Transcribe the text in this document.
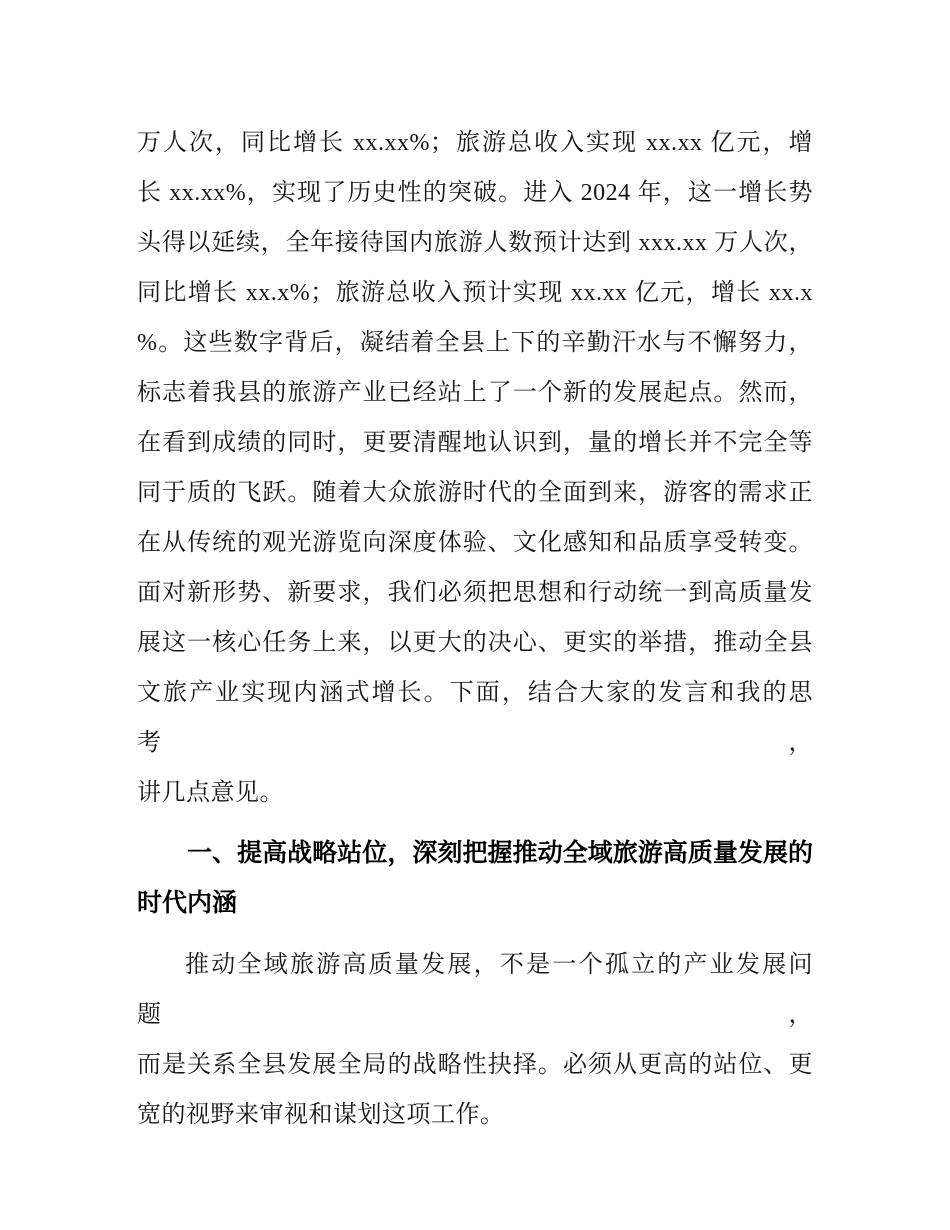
万人次，同比增长 xx.xx%；旅游总收入实现 xx.xx 亿元，增
长 xx.xx%，实现了历史性的突破。进入 2024 年，这一增长势
头得以延续，全年接待国内旅游人数预计达到 xxx.xx 万人次，
同比增长 xx.x%；旅游总收入预计实现 xx.xx 亿元，增长 xx.x
%。这些数字背后，凝结着全县上下的辛勤汗水与不懈努力，
标志着我县的旅游产业已经站上了一个新的发展起点。然而，
在看到成绩的同时，更要清醒地认识到，量的增长并不完全等
同于质的飞跃。随着大众旅游时代的全面到来，游客的需求正
在从传统的观光游览向深度体验、文化感知和品质享受转变。
面对新形势、新要求，我们必须把思想和行动统一到高质量发
展这一核心任务上来，以更大的决心、更实的举措，推动全县
文旅产业实现内涵式增长。下面，结合大家的发言和我的思考，
讲几点意见。
一、提高战略站位，深刻把握推动全域旅游高质量发展的
时代内涵
推动全域旅游高质量发展，不是一个孤立的产业发展问题，
而是关系全县发展全局的战略性抉择。必须从更高的站位、更
宽的视野来审视和谋划这项工作。
